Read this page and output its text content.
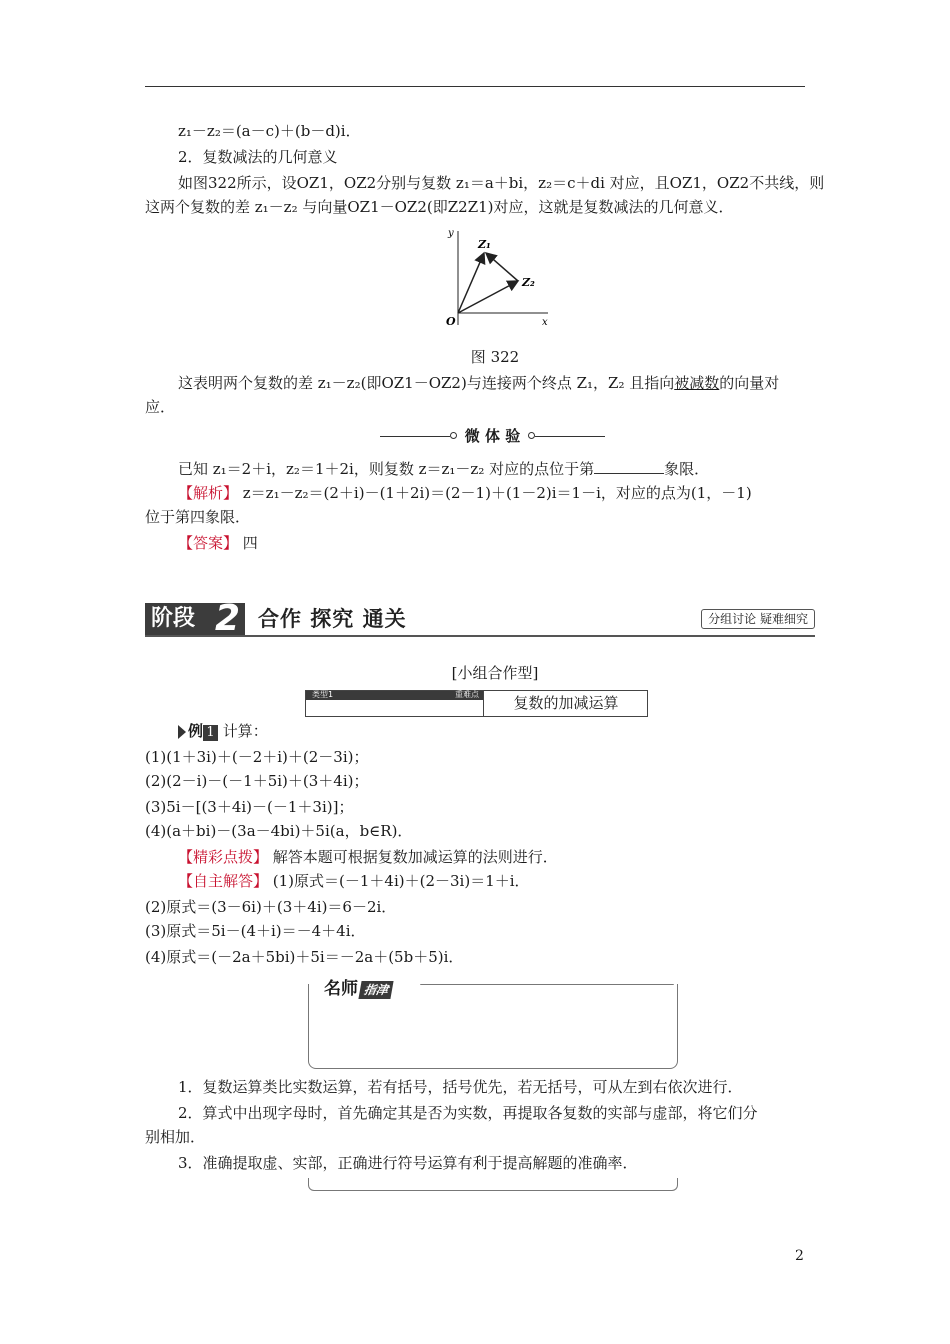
z₁－z₂＝(a－c)＋(b－d)i．
2．复数减法的几何意义
如图322所示，设OZ1，OZ2分别与复数 z₁＝a＋bi，z₂＝c＋di 对应，且OZ1，OZ2不共线，则
这两个复数的差 z₁－z₂ 与向量OZ1－OZ2(即Z2Z1)对应，这就是复数减法的几何意义．
y
x
O
Z₁
Z₂
图 322
这表明两个复数的差 z₁－z₂(即OZ1－OZ2)与连接两个终点 Z₁，Z₂ 且指向被减数的向量对
应．
微 体 验
已知 z₁＝2＋i，z₂＝1＋2i，则复数 z＝z₁－z₂ 对应的点位于第	象限．
【解析】 z＝z₁－z₂＝(2＋i)－(1＋2i)＝(2－1)＋(1－2)i＝1－i，对应的点为(1，－1)
位于第四象限．
【答案】 四
阶段 2 合作 探究 通关	分组讨论 疑难细究
[小组合作型]
类型1	重难点	复数的加减运算
例 1 计算：
(1)(1＋3i)＋(－2＋i)＋(2－3i)；
(2)(2－i)－(－1＋5i)＋(3＋4i)；
(3)5i－[(3＋4i)－(－1＋3i)]；
(4)(a＋bi)－(3a－4bi)＋5i(a，b∈R)．
【精彩点拨】 解答本题可根据复数加减运算的法则进行．
【自主解答】 (1)原式＝(－1＋4i)＋(2－3i)＝1＋i．
(2)原式＝(3－6i)＋(3＋4i)＝6－2i．
(3)原式＝5i－(4＋i)＝－4＋4i．
(4)原式＝(－2a＋5bi)＋5i＝－2a＋(5b＋5)i．
名师 指津
1．复数运算类比实数运算，若有括号，括号优先，若无括号，可从左到右依次进行．
2．算式中出现字母时，首先确定其是否为实数，再提取各复数的实部与虚部，将它们分
别相加．
3．准确提取虚、实部，正确进行符号运算有利于提高解题的准确率．
2
